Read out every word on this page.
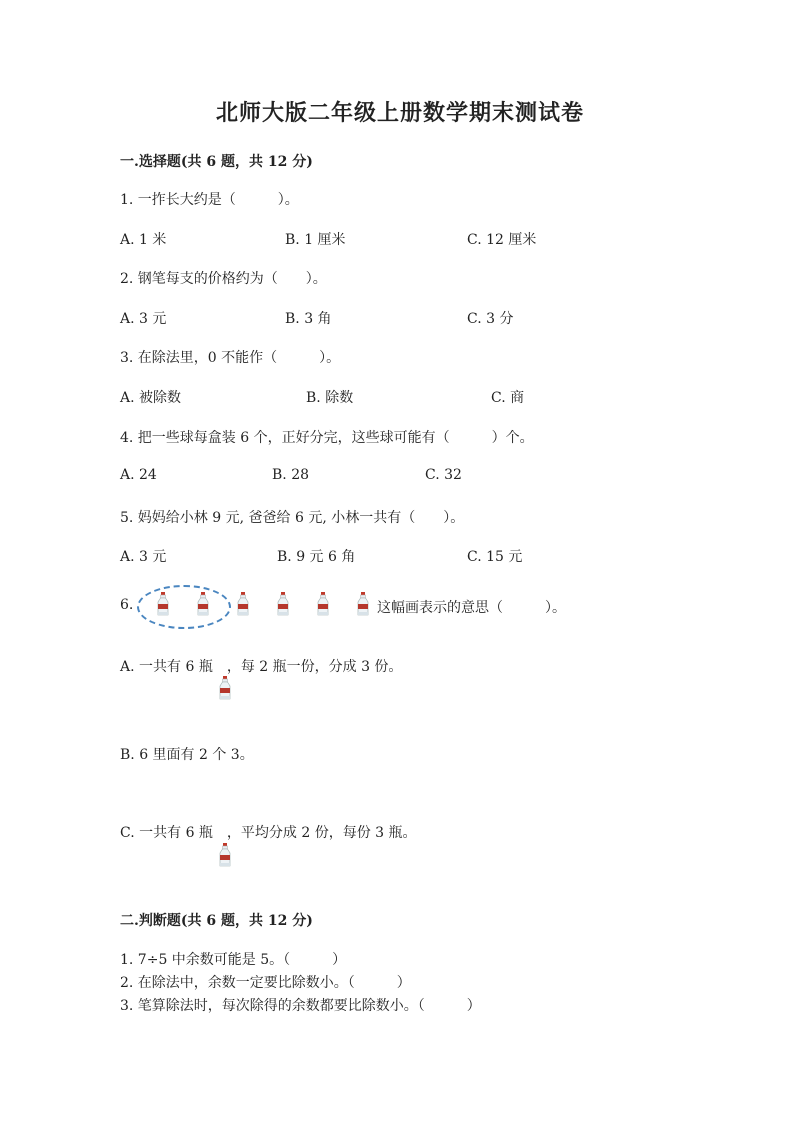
北师大版二年级上册数学期末测试卷
一.选择题(共 6 题，共 12 分)
1. 一拃长大约是（　　　）。
A. 1 米	B. 1 厘米	C. 12 厘米
2. 钢笔每支的价格约为（　　）。
A. 3 元	B. 3 角	C. 3 分
3. 在除法里，0 不能作（　　　）。
A. 被除数	B. 除数	C. 商
4. 把一些球每盒装 6 个，正好分完，这些球可能有（　　　）个。
A. 24	B. 28	C. 32
5. 妈妈给小林 9 元, 爸爸给 6 元, 小林一共有（　　）。
A. 3 元	B. 9 元 6 角	C. 15 元
6.	这幅画表示的意思（　　　）。
A. 一共有 6 瓶　，每 2 瓶一份，分成 3 份。
B. 6 里面有 2 个 3。
C. 一共有 6 瓶　，平均分成 2 份，每份 3 瓶。
二.判断题(共 6 题，共 12 分)
1. 7÷5 中余数可能是 5。（　　　）
2. 在除法中，余数一定要比除数小。（　　　）
3. 笔算除法时，每次除得的余数都要比除数小。（　　　）
